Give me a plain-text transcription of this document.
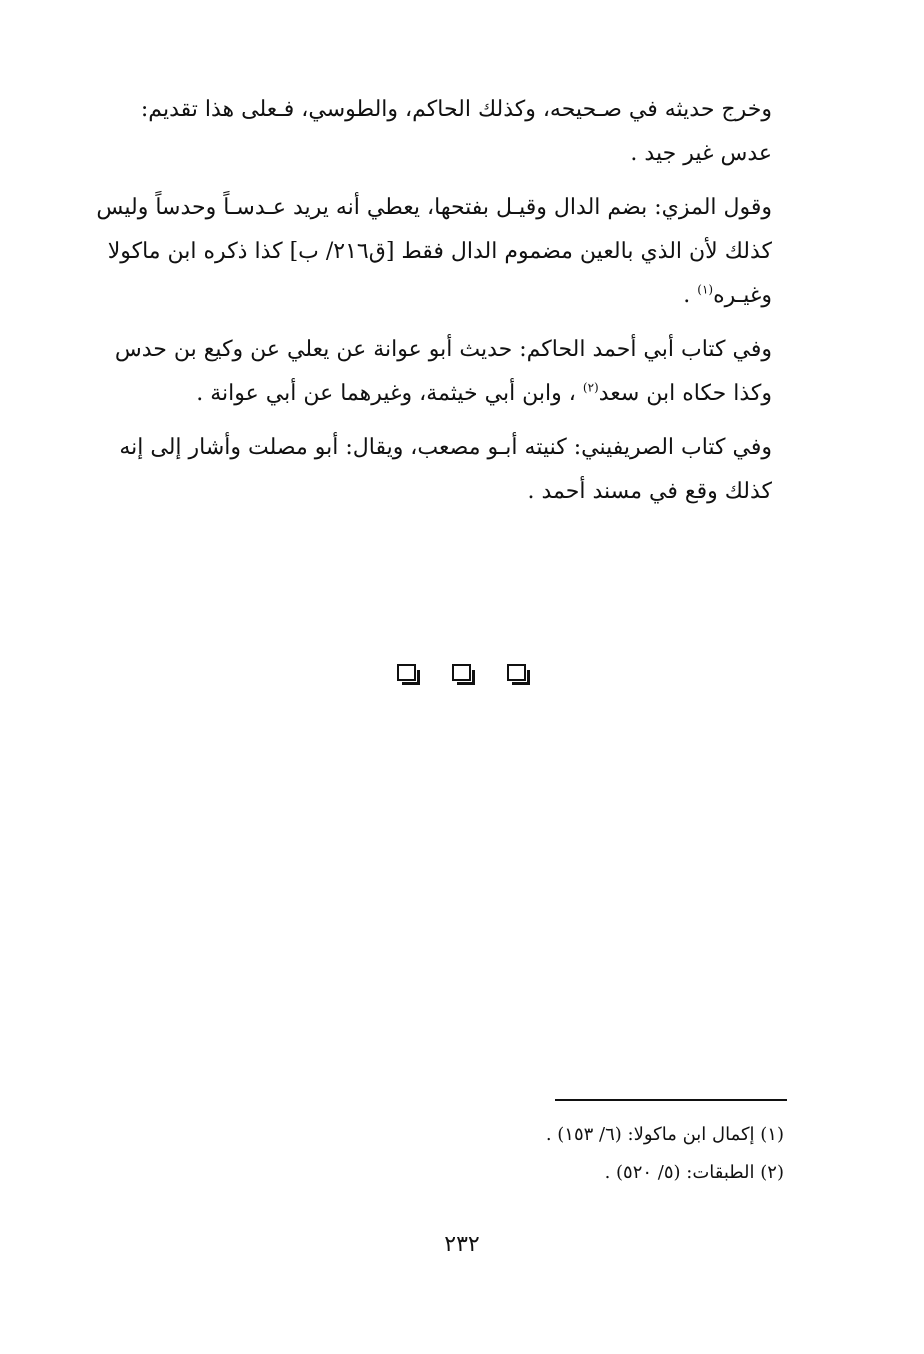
وخرج حديثه في صـحيحه، وكذلك الحاكم، والطوسي، فـعلى هذا تقديم:
عدس غير جيد .

وقول المزي: بضم الدال وقيـل بفتحها، يعطي أنه يريد عـدسـاً وحدساً وليس
كذلك لأن الذي بالعين مضموم الدال فقط [ق٢١٦/ ب] كذا ذكره ابن ماكولا
وغيـره$^{(١)}$ .

وفي كتاب أبي أحمد الحاكم: حديث أبو عوانة عن يعلي عن وكيع بن حدس
وكذا حكاه ابن سعد$^{(٢)}$ ، وابن أبي خيثمة، وغيرهما عن أبي عوانة .

وفي كتاب الصريفيني: كنيته أبـو مصعب، ويقال: أبو مصلت وأشار إلى إنه
كذلك وقع في مسند أحمد .

(١) إكمال ابن ماكولا: (٦/ ١٥٣) .
(٢) الطبقات: (٥/ ٥٢٠) .
٢٣٢
